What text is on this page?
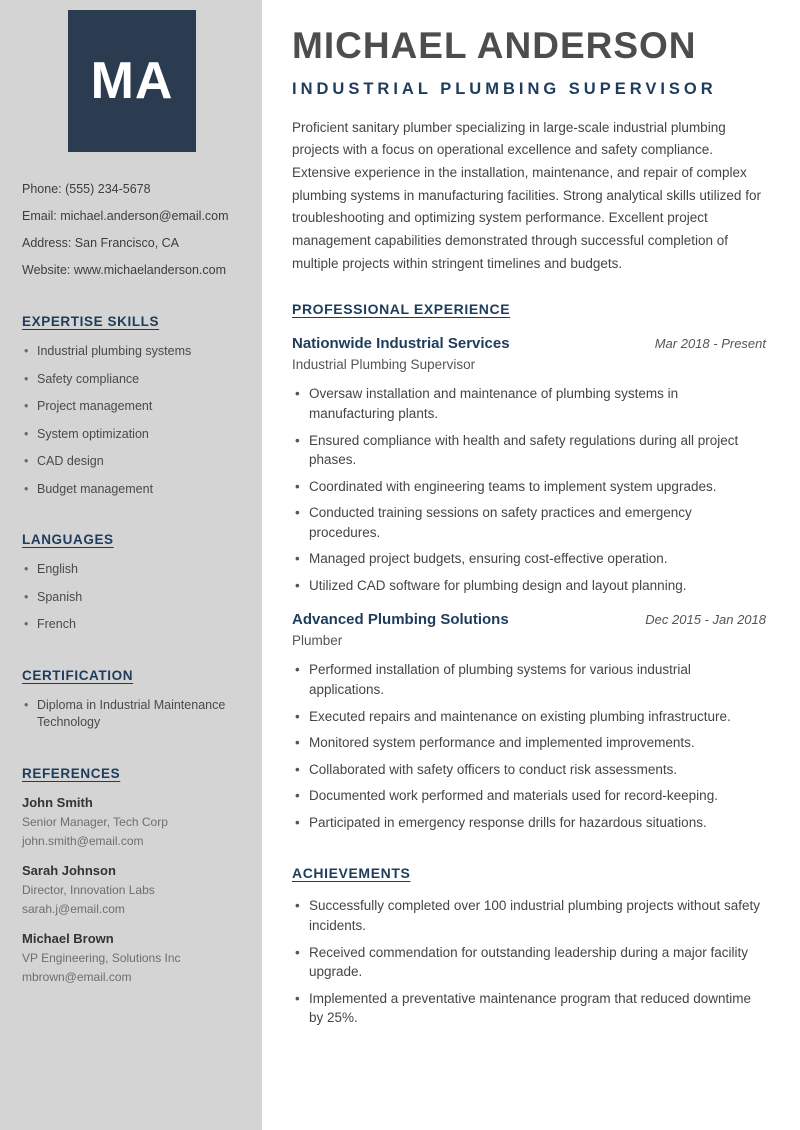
MA
Phone: (555) 234-5678
Email: michael.anderson@email.com
Address: San Francisco, CA
Website: www.michaelanderson.com
EXPERTISE SKILLS
• Industrial plumbing systems
• Safety compliance
• Project management
• System optimization
• CAD design
• Budget management
LANGUAGES
• English
• Spanish
• French
CERTIFICATION
• Diploma in Industrial Maintenance Technology
REFERENCES
John Smith
Senior Manager, Tech Corp
john.smith@email.com
Sarah Johnson
Director, Innovation Labs
sarah.j@email.com
Michael Brown
VP Engineering, Solutions Inc
mbrown@email.com
MICHAEL ANDERSON
INDUSTRIAL PLUMBING SUPERVISOR

Proficient sanitary plumber specializing in large-scale industrial plumbing projects with a focus on operational excellence and safety compliance. Extensive experience in the installation, maintenance, and repair of complex plumbing systems in manufacturing facilities. Strong analytical skills utilized for troubleshooting and optimizing system performance. Excellent project management capabilities demonstrated through successful completion of multiple projects within stringent timelines and budgets.

PROFESSIONAL EXPERIENCE
Nationwide Industrial Services	Mar 2018 - Present
Industrial Plumbing Supervisor
• Oversaw installation and maintenance of plumbing systems in manufacturing plants.
• Ensured compliance with health and safety regulations during all project phases.
• Coordinated with engineering teams to implement system upgrades.
• Conducted training sessions on safety practices and emergency procedures.
• Managed project budgets, ensuring cost-effective operation.
• Utilized CAD software for plumbing design and layout planning.
Advanced Plumbing Solutions	Dec 2015 - Jan 2018
Plumber
• Performed installation of plumbing systems for various industrial applications.
• Executed repairs and maintenance on existing plumbing infrastructure.
• Monitored system performance and implemented improvements.
• Collaborated with safety officers to conduct risk assessments.
• Documented work performed and materials used for record-keeping.
• Participated in emergency response drills for hazardous situations.
ACHIEVEMENTS
• Successfully completed over 100 industrial plumbing projects without safety incidents.
• Received commendation for outstanding leadership during a major facility upgrade.
• Implemented a preventative maintenance program that reduced downtime by 25%.
